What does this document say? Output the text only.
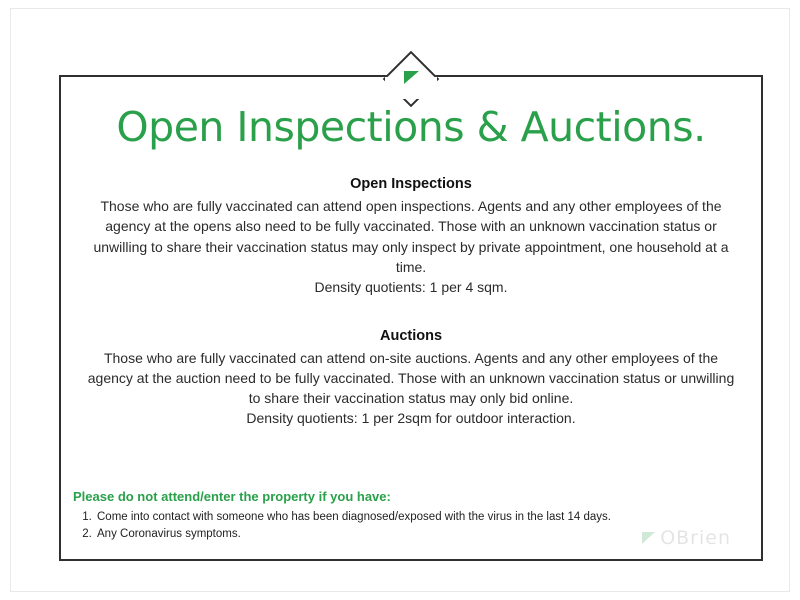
Open Inspections & Auctions.
Open Inspections

Those who are fully vaccinated can attend open inspections. Agents and any other employees of the agency at the opens also need to be fully vaccinated. Those with an unknown vaccination status or unwilling to share their vaccination status may only inspect by private appointment, one household at a time.

Density quotients: 1 per 4 sqm.

Auctions

Those who are fully vaccinated can attend on-site auctions. Agents and any other employees of the agency at the auction need to be fully vaccinated. Those with an unknown vaccination status or unwilling to share their vaccination status may only bid online.

Density quotients: 1 per 2sqm for outdoor interaction.

Please do not attend/enter the property if you have:

1. Come into contact with someone who has been diagnosed/exposed with the virus in the last 14 days.
2. Any Coronavirus symptoms.	OBrien
